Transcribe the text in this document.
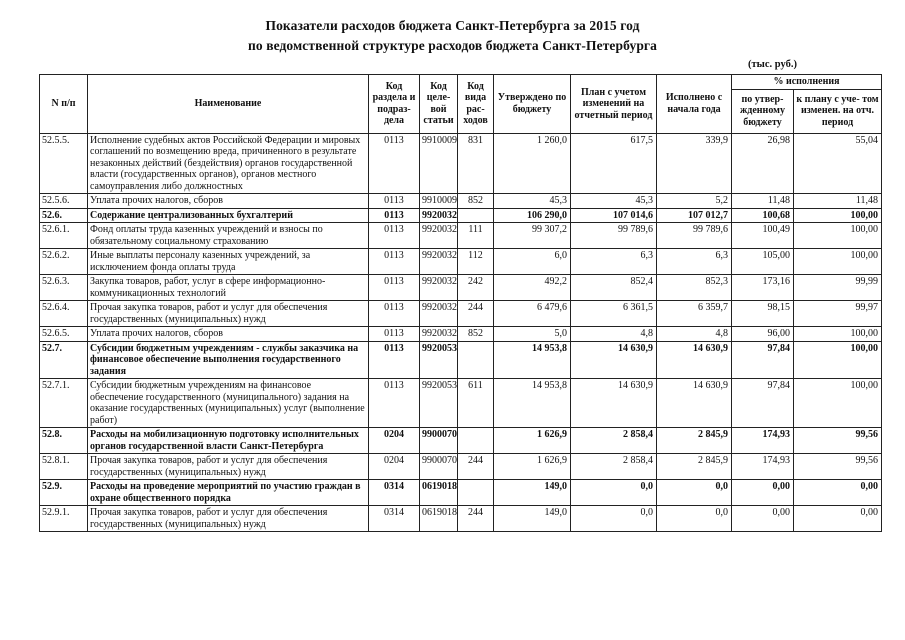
Показатели расходов бюджета Санкт-Петербурга за 2015 год
по ведомственной структуре расходов бюджета Санкт-Петербурга
(тыс. руб.)
N п/п	Наименование	Код раздела и подраз- дела	Код целе- вой статьи	Код вида рас- ходов	Утверждено по бюджету	План с учетом изменений на отчетный период	Исполнено с начала года	% исполнения	
								по утвер- жденному бюджету	к плану с уче- том изменен. на отч. период
52.5.5.	Исполнение судебных актов Российской Федерации и мировых соглашений по возмещению вреда, причиненного в результате незаконных действий (бездействия) органов государственной власти (государственных органов), органов местного самоуправления либо должностных	0113	9910009	831	1 260,0	617,5	339,9	26,98	55,04
52.5.6.	Уплата прочих налогов, сборов	0113	9910009	852	45,3	45,3	5,2	11,48	11,48
52.6.	Содержание централизованных бухгалтерий	0113	9920032		106 290,0	107 014,6	107 012,7	100,68	100,00
52.6.1.	Фонд оплаты труда казенных учреждений и взносы по обязательному социальному страхованию	0113	9920032	111	99 307,2	99 789,6	99 789,6	100,49	100,00
52.6.2.	Иные выплаты персоналу казенных учреждений, за исключением фонда оплаты труда	0113	9920032	112	6,0	6,3	6,3	105,00	100,00
52.6.3.	Закупка товаров, работ, услуг в сфере информационно-коммуникационных технологий	0113	9920032	242	492,2	852,4	852,3	173,16	99,99
52.6.4.	Прочая закупка товаров, работ и услуг для обеспечения государственных (муниципальных) нужд	0113	9920032	244	6 479,6	6 361,5	6 359,7	98,15	99,97
52.6.5.	Уплата прочих налогов, сборов	0113	9920032	852	5,0	4,8	4,8	96,00	100,00
52.7.	Субсидии бюджетным учреждениям - службы заказчика на финансовое обеспечение выполнения государственного задания	0113	9920053		14 953,8	14 630,9	14 630,9	97,84	100,00
52.7.1.	Субсидии бюджетным учреждениям на финансовое обеспечение государственного (муниципального) задания на оказание государственных (муниципальных) услуг (выполнение работ)	0113	9920053	611	14 953,8	14 630,9	14 630,9	97,84	100,00
52.8.	Расходы на мобилизационную подготовку исполнительных органов государственной власти Санкт-Петербурга	0204	9900070		1 626,9	2 858,4	2 845,9	174,93	99,56
52.8.1.	Прочая закупка товаров, работ и услуг для обеспечения государственных (муниципальных) нужд	0204	9900070	244	1 626,9	2 858,4	2 845,9	174,93	99,56
52.9.	Расходы на проведение мероприятий по участию граждан в охране общественного порядка	0314	0619018		149,0	0,0	0,0	0,00	0,00
52.9.1.	Прочая закупка товаров, работ и услуг для обеспечения государственных (муниципальных) нужд	0314	0619018	244	149,0	0,0	0,0	0,00	0,00
